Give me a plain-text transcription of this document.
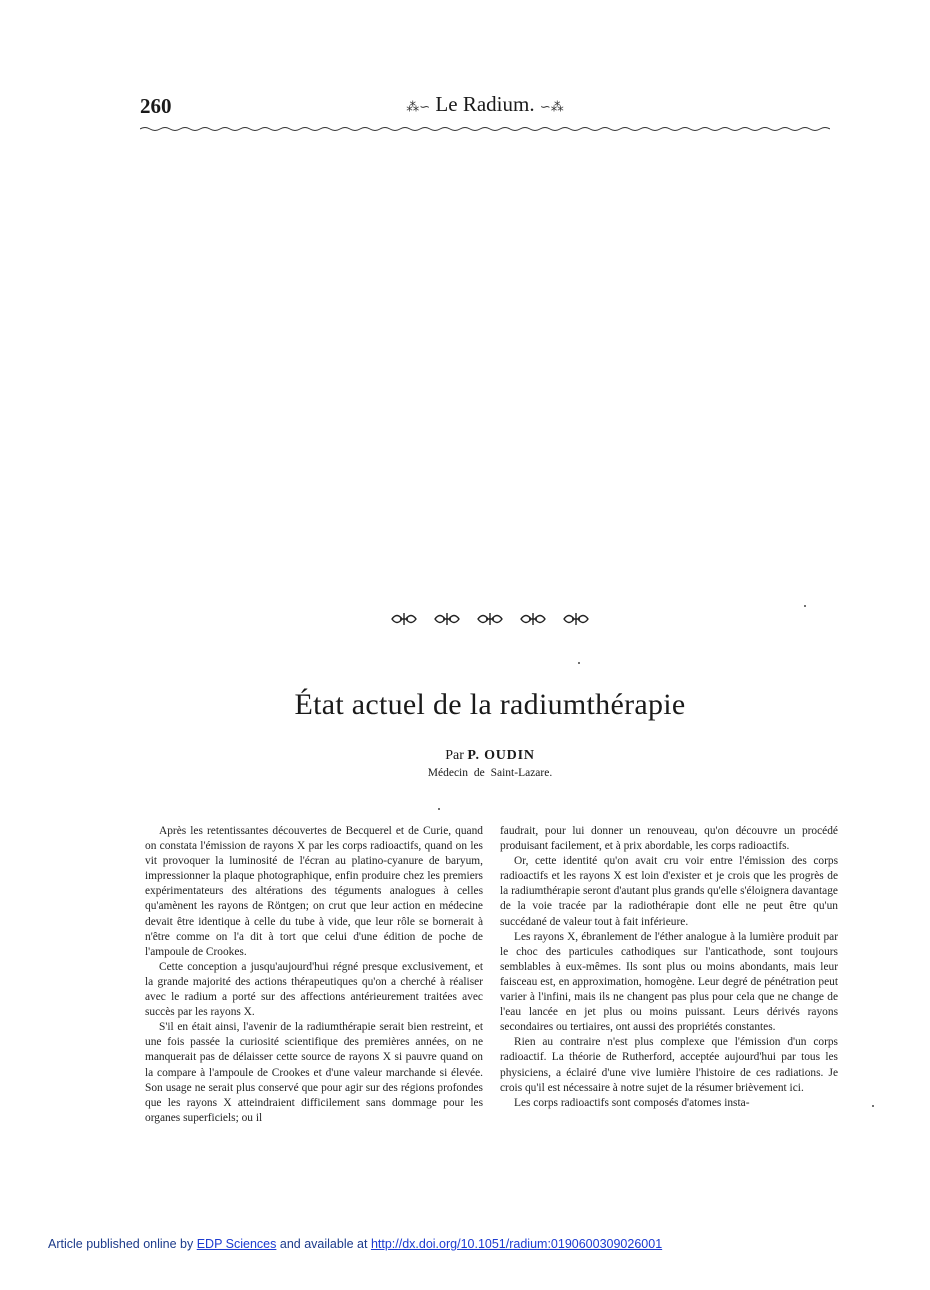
260	⁂∽ Le Radium. ∽⁂
État actuel de la radiumthérapie
Par P. OUDIN
Médecin de Saint-Lazare.

Après les retentissantes découvertes de Becquerel et de Curie, quand on constata l'émission de rayons X par les corps radioactifs, quand on les vit provoquer la luminosité de l'écran au platino-cyanure de baryum, impressionner la plaque photographique, enfin produire chez les premiers expérimentateurs des altérations des téguments analogues à celles qu'amènent les rayons de Röntgen; on crut que leur action en médecine devait être identique à celle du tube à vide, que leur rôle se bornerait à n'être comme on l'a dit à tort que celui d'une édition de poche de l'ampoule de Crookes.

Cette conception a jusqu'aujourd'hui régné presque exclusivement, et la grande majorité des actions thérapeutiques qu'on a cherché à réaliser avec le radium a porté sur des affections antérieurement traitées avec succès par les rayons X.

S'il en était ainsi, l'avenir de la radiumthérapie serait bien restreint, et une fois passée la curiosité scientifique des premières années, on ne manquerait pas de délaisser cette source de rayons X si pauvre quand on la compare à l'ampoule de Crookes et d'une valeur marchande si élevée. Son usage ne serait plus conservé que pour agir sur des régions profondes que les rayons X atteindraient difficilement sans dommage pour les organes superficiels; ou il

faudrait, pour lui donner un renouveau, qu'on découvre un procédé produisant facilement, et à prix abordable, les corps radioactifs.

Or, cette identité qu'on avait cru voir entre l'émission des corps radioactifs et les rayons X est loin d'exister et je crois que les progrès de la radiumthérapie seront d'autant plus grands qu'elle s'éloignera davantage de la voie tracée par la radiothérapie dont elle ne peut être qu'un succédané de valeur tout à fait inférieure.

Les rayons X, ébranlement de l'éther analogue à la lumière produit par le choc des particules cathodiques sur l'anticathode, sont toujours semblables à eux-mêmes. Ils sont plus ou moins abondants, mais leur faisceau est, en approximation, homogène. Leur degré de pénétration peut varier à l'infini, mais ils ne changent pas plus pour cela que ne change de l'eau lancée en jet plus ou moins puissant. Leurs dérivés rayons secondaires ou tertiaires, ont aussi des propriétés constantes.

Rien au contraire n'est plus complexe que l'émission d'un corps radioactif. La théorie de Rutherford, acceptée aujourd'hui par tous les physiciens, a éclairé d'une vive lumière l'histoire de ces radiations. Je crois qu'il est nécessaire à notre sujet de la résumer brièvement ici.

Les corps radioactifs sont composés d'atomes insta-

Article published online by EDP Sciences and available at http://dx.doi.org/10.1051/radium:0190600309026001
